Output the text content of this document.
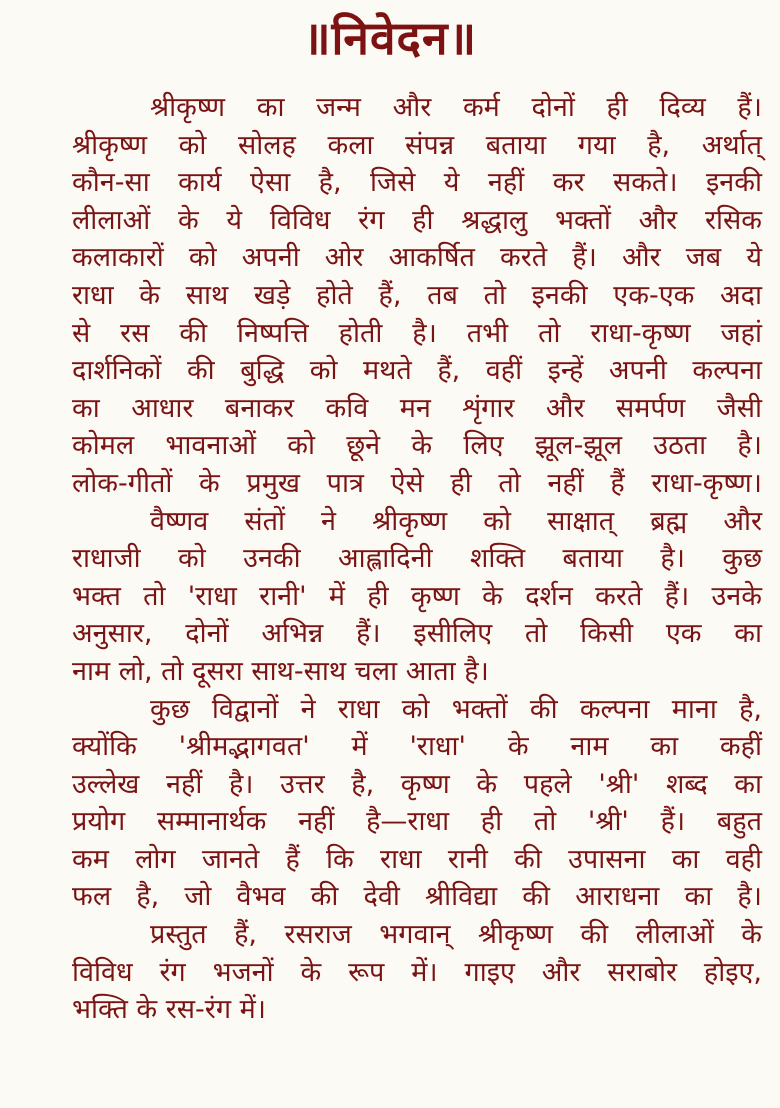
॥निवेदन॥
श्रीकृष्ण का जन्म और कर्म दोनों ही दिव्य हैं।
श्रीकृष्ण को सोलह कला संपन्न बताया गया है, अर्थात्
कौन-सा कार्य ऐसा है, जिसे ये नहीं कर सकते। इनकी
लीलाओं के ये विविध रंग ही श्रद्धालु भक्तों और रसिक
कलाकारों को अपनी ओर आकर्षित करते हैं। और जब ये
राधा के साथ खड़े होते हैं, तब तो इनकी एक-एक अदा
से रस की निष्पत्ति होती है। तभी तो राधा-कृष्ण जहां
दार्शनिकों की बुद्धि को मथते हैं, वहीं इन्हें अपनी कल्पना
का आधार बनाकर कवि मन शृंगार और समर्पण जैसी
कोमल भावनाओं को छूने के लिए झूल-झूल उठता है।
लोक-गीतों के प्रमुख पात्र ऐसे ही तो नहीं हैं राधा-कृष्ण।
वैष्णव संतों ने श्रीकृष्ण को साक्षात् ब्रह्म और
राधाजी को उनकी आह्लादिनी शक्ति बताया है। कुछ
भक्त तो 'राधा रानी' में ही कृष्ण के दर्शन करते हैं। उनके
अनुसार, दोनों अभिन्न हैं। इसीलिए तो किसी एक का
नाम लो, तो दूसरा साथ-साथ चला आता है।
कुछ विद्वानों ने राधा को भक्तों की कल्पना माना है,
क्योंकि 'श्रीमद्भागवत' में 'राधा' के नाम का कहीं
उल्लेख नहीं है। उत्तर है, कृष्ण के पहले 'श्री' शब्द का
प्रयोग सम्मानार्थक नहीं है—राधा ही तो 'श्री' हैं। बहुत
कम लोग जानते हैं कि राधा रानी की उपासना का वही
फल है, जो वैभव की देवी श्रीविद्या की आराधना का है।
प्रस्तुत हैं, रसराज भगवान् श्रीकृष्ण की लीलाओं के
विविध रंग भजनों के रूप में। गाइए और सराबोर होइए,
भक्ति के रस-रंग में।
